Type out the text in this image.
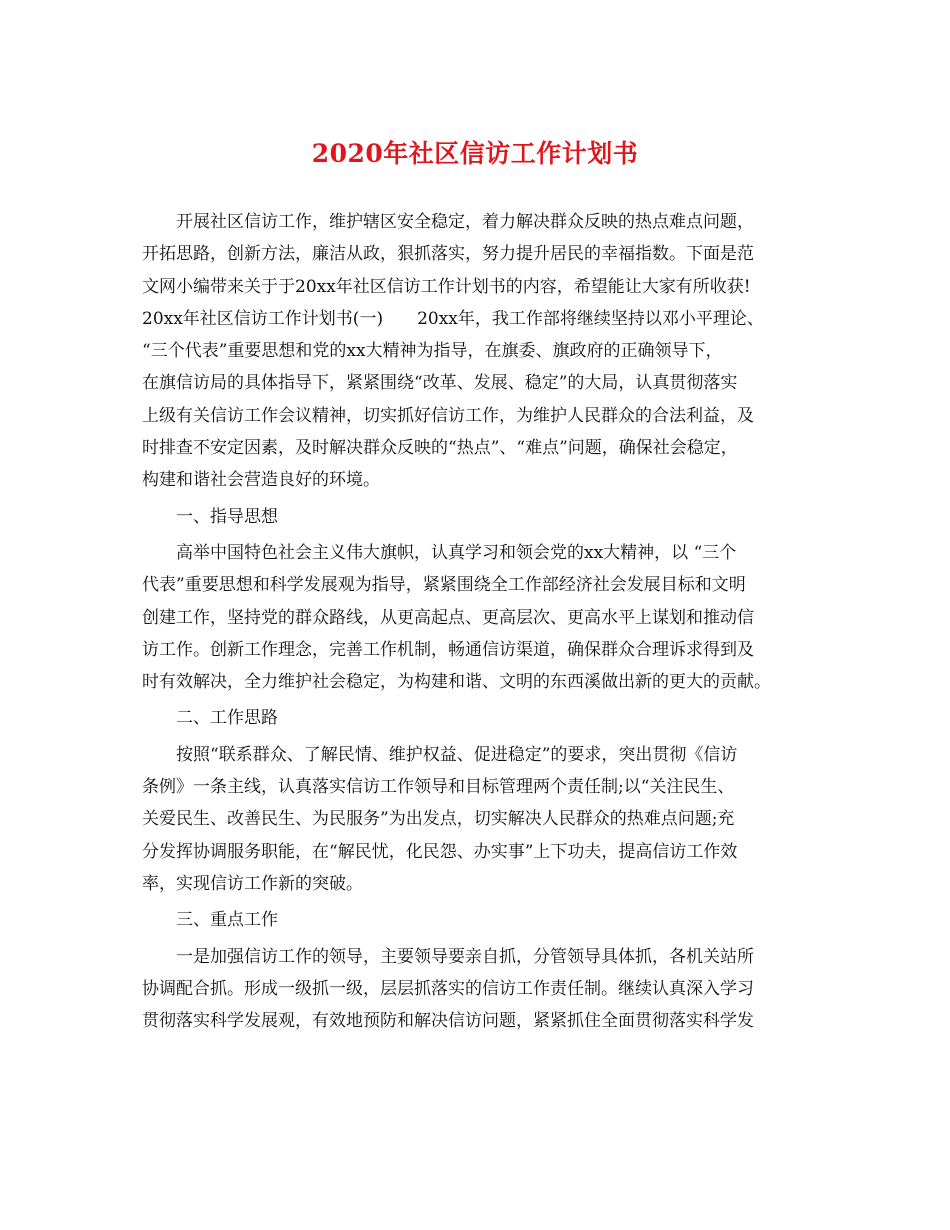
2020年社区信访工作计划书
开展社区信访工作，维护辖区安全稳定，着力解决群众反映的热点难点问题，
开拓思路，创新方法，廉洁从政，狠抓落实，努力提升居民的幸福指数。下面是范
文网小编带来关于于20xx年社区信访工作计划书的内容，希望能让大家有所收获!
20xx年社区信访工作计划书(一)　　20xx年，我工作部将继续坚持以邓小平理论、
“三个代表”重要思想和党的xx大精神为指导，在旗委、旗政府的正确领导下，
在旗信访局的具体指导下，紧紧围绕“改革、发展、稳定”的大局，认真贯彻落实
上级有关信访工作会议精神，切实抓好信访工作，为维护人民群众的合法利益，及
时排查不安定因素，及时解决群众反映的“热点”、“难点”问题，确保社会稳定，
构建和谐社会营造良好的环境。
一、指导思想
高举中国特色社会主义伟大旗帜，认真学习和领会党的xx大精神，以 “三个
代表”重要思想和科学发展观为指导，紧紧围绕全工作部经济社会发展目标和文明
创建工作，坚持党的群众路线，从更高起点、更高层次、更高水平上谋划和推动信
访工作。创新工作理念，完善工作机制，畅通信访渠道，确保群众合理诉求得到及
时有效解决，全力维护社会稳定，为构建和谐、文明的东西溪做出新的更大的贡献。
二、工作思路
按照“联系群众、了解民情、维护权益、促进稳定”的要求，突出贯彻《信访
条例》一条主线，认真落实信访工作领导和目标管理两个责任制;以“关注民生、
关爱民生、改善民生、为民服务”为出发点，切实解决人民群众的热难点问题;充
分发挥协调服务职能，在“解民忧，化民怨、办实事”上下功夫，提高信访工作效
率，实现信访工作新的突破。
三、重点工作
一是加强信访工作的领导，主要领导要亲自抓，分管领导具体抓，各机关站所
协调配合抓。形成一级抓一级，层层抓落实的信访工作责任制。继续认真深入学习
贯彻落实科学发展观，有效地预防和解决信访问题，紧紧抓住全面贯彻落实科学发
